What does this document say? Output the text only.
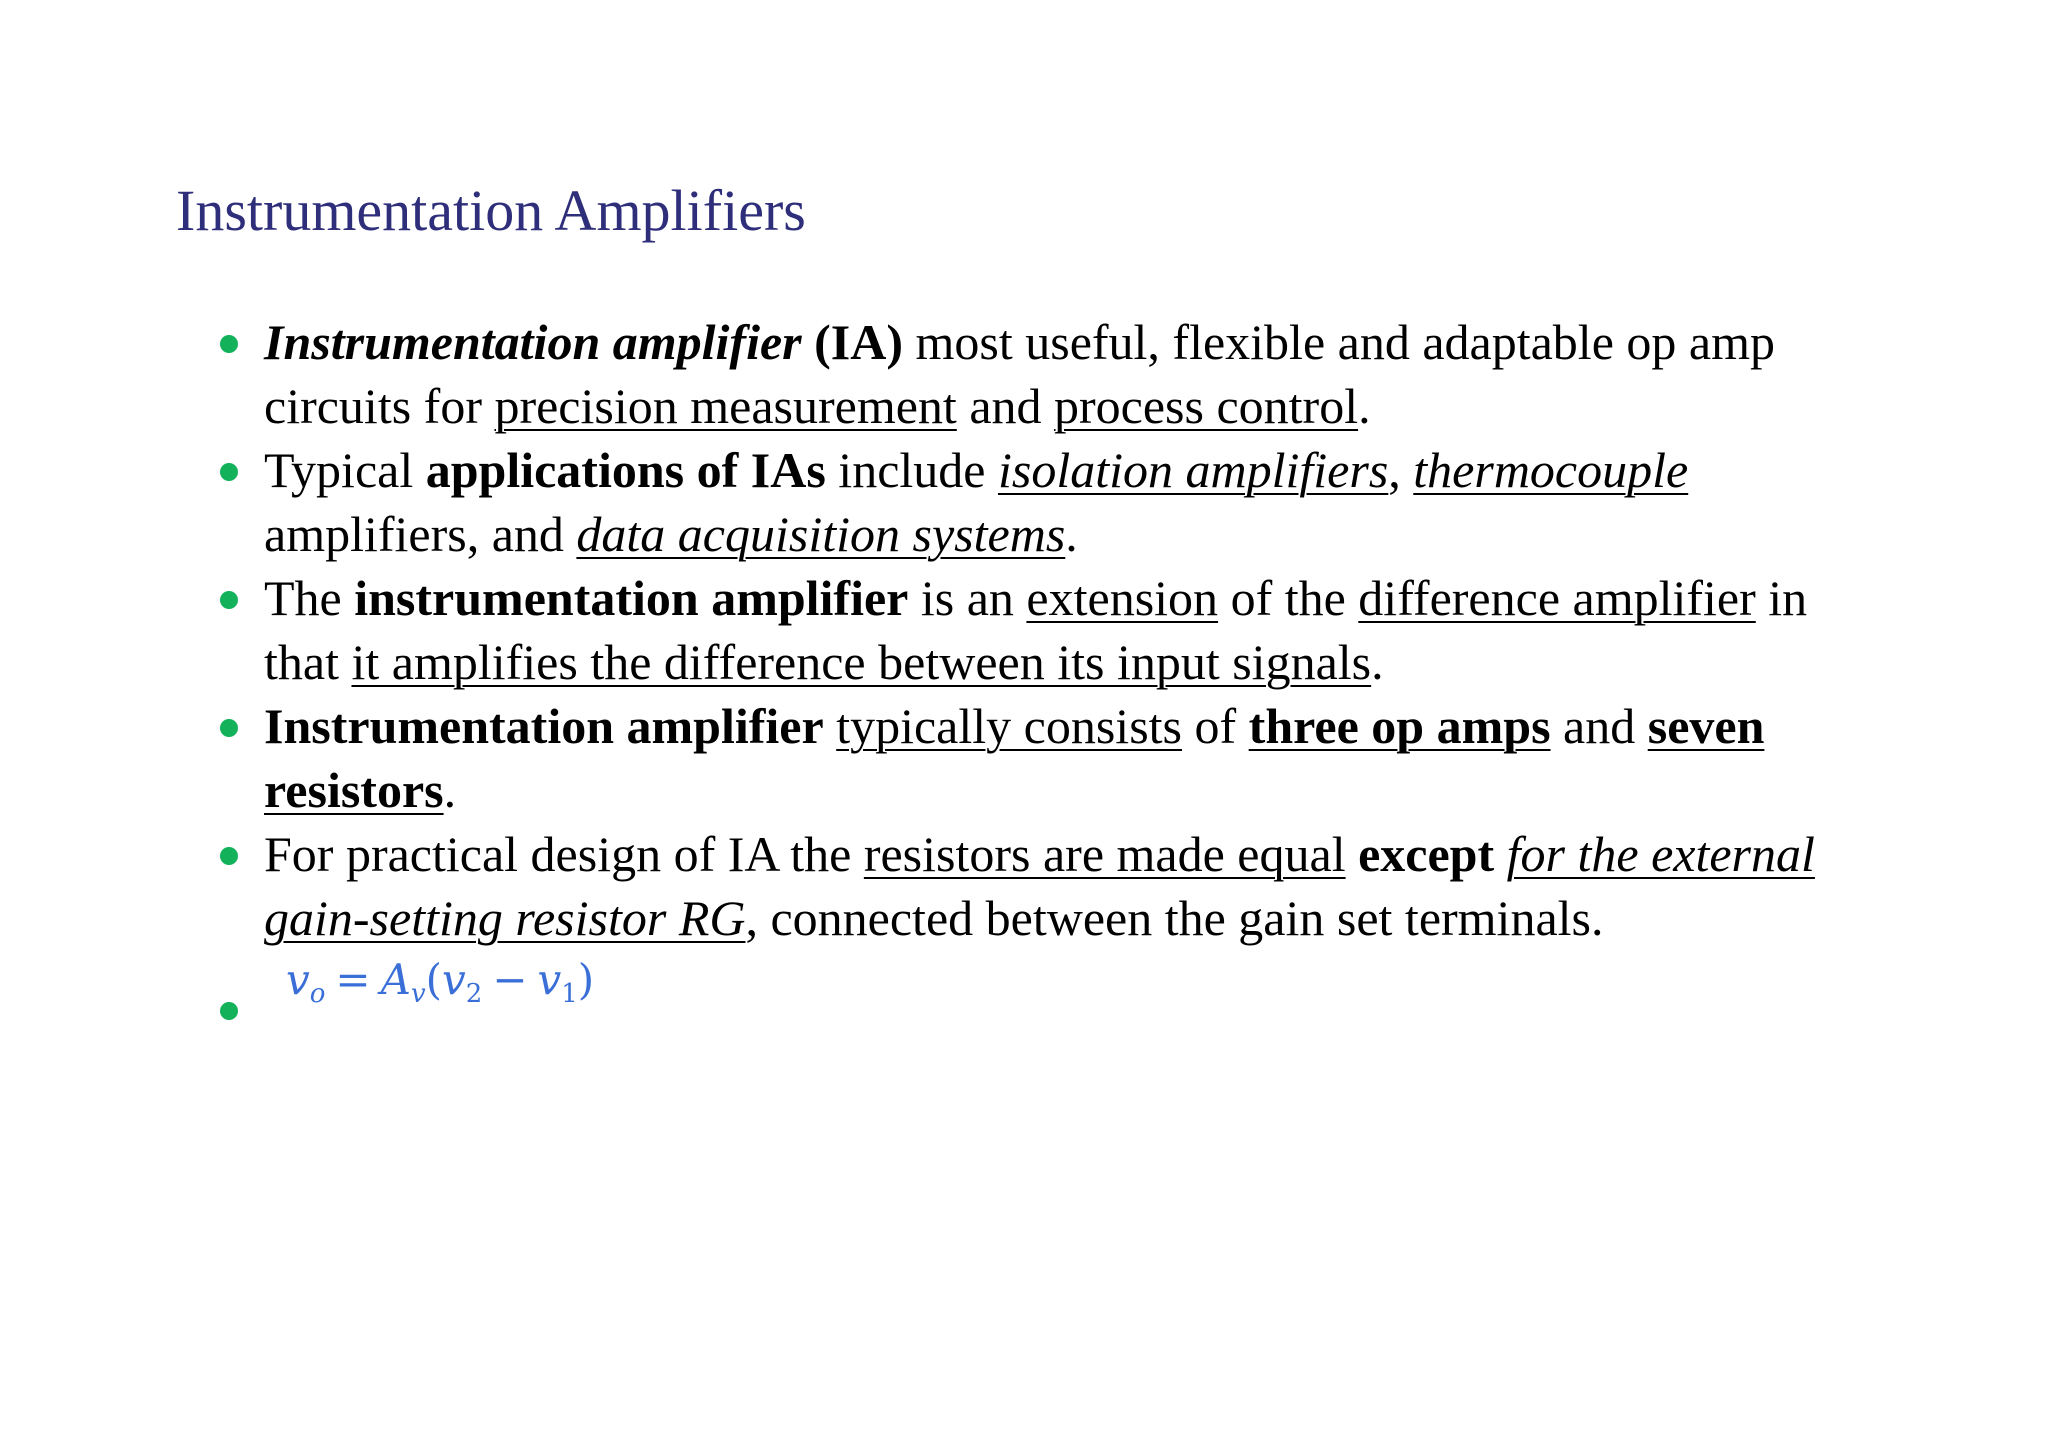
Instrumentation Amplifiers
Instrumentation amplifier (IA) most useful, flexible and adaptable op amp circuits for precision measurement and process control.
Typical applications of IAs include isolation amplifiers, thermocouple amplifiers, and data acquisition systems.
The instrumentation amplifier is an extension of the difference amplifier in that it amplifies the difference between its input signals.
Instrumentation amplifier typically consists of three op amps and seven resistors.
For practical design of IA the resistors are made equal except for the external gain-setting resistor RG, connected between the gain set terminals.
$v_o = A_v(v_2 - v_1)$
